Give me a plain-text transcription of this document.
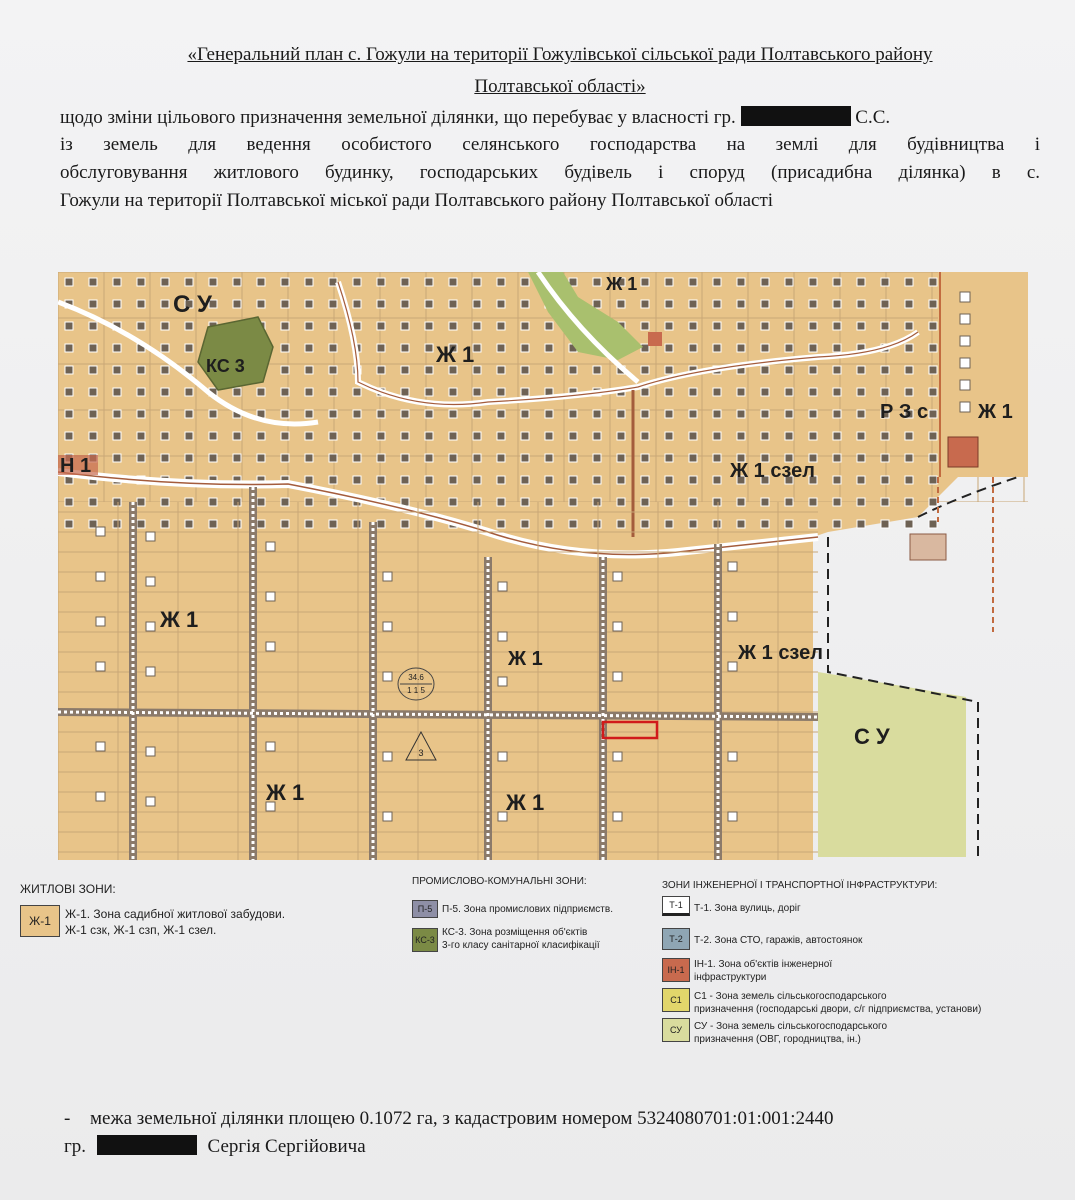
«Генеральний план с. Гожули на території Гожулівської сільської ради Полтавського району
Полтавської області»
щодо зміни цільового призначення земельної ділянки, що перебуває у власності гр.	С.С.
із земель для ведення особистого селянського господарства на землі для будівництва і
обслуговування житлового будинку, господарських будівель і споруд (присадибна ділянка) в с.
Гожули на території Полтавської міської ради Полтавського району Полтавської області
34.6
1 1 5
3
С У
КС 3
Ж 1
Ж 1
Р З с Ж 1
Н 1	Ж 1 сзел
Ж 1
Ж 1	Ж 1 сзел
С У
Ж 1	Ж 1
ЖИТЛОВІ ЗОНИ:
Ж-1	Ж-1. Зона садибної житлової забудови.
Ж-1 сзк, Ж-1 сзп, Ж-1 сзел.
ПРОМИСЛОВО-КОМУНАЛЬНІ ЗОНИ:
П-5 П-5. Зона промислових підприємств.
КС-3
КС-3. Зона розміщення об'єктів
3-го класу санітарної класифікації
ЗОНИ ІНЖЕНЕРНОЇ І ТРАНСПОРТНОЇ ІНФРАСТРУКТУРИ:
Т-1	Т-1. Зона вулиць, доріг
Т-2	Т-2. Зона СТО, гаражів, автостоянок
ІН-1 ІН-1. Зона об'єктів інженерної
інфраструктури
С1	С1 - Зона земель сільськогосподарського
призначення (господарські двори, с/г підприємства, установи)
СУ	СУ - Зона земель сільськогосподарського
призначення (ОВГ, городництва, ін.)
- межа земельної ділянки площею 0.1072 га, з кадастровим номером 5324080701:01:001:2440
гр.	Сергія Сергійовича
